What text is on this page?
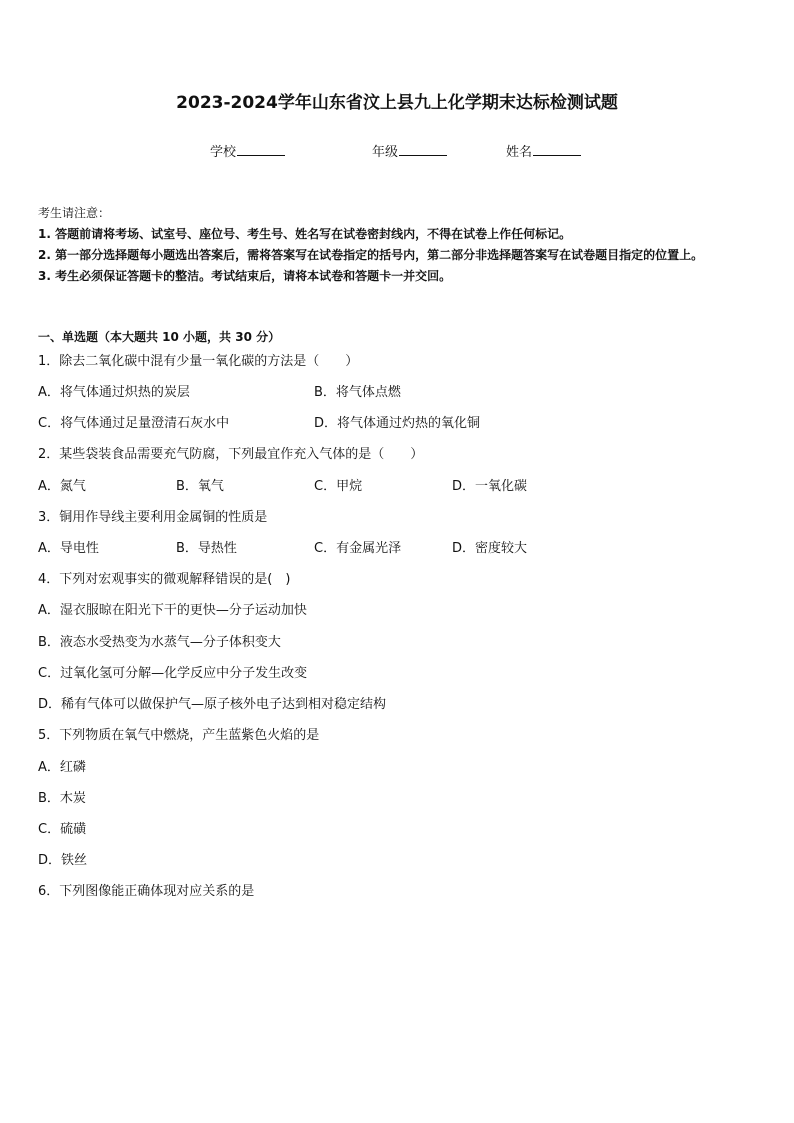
2023-2024学年山东省汶上县九上化学期末达标检测试题
学校	年级	姓名
考生请注意：
1. 答题前请将考场、试室号、座位号、考生号、姓名写在试卷密封线内，不得在试卷上作任何标记。
2. 第一部分选择题每小题选出答案后，需将答案写在试卷指定的括号内，第二部分非选择题答案写在试卷题目指定的位置上。
3. 考生必须保证答题卡的整洁。考试结束后，请将本试卷和答题卡一并交回。
一、单选题（本大题共 10 小题，共 30 分）
1．除去二氧化碳中混有少量一氧化碳的方法是（　　）
A．将气体通过炽热的炭层	B．将气体点燃
C．将气体通过足量澄清石灰水中	D．将气体通过灼热的氧化铜
2．某些袋装食品需要充气防腐，下列最宜作充入气体的是（　　）
A．氮气	B．氧气	C．甲烷	D．一氧化碳
3．铜用作导线主要利用金属铜的性质是
A．导电性	B．导热性	C．有金属光泽	D．密度较大
4．下列对宏观事实的微观解释错误的是(　)
A．湿衣服晾在阳光下干的更快—分子运动加快
B．液态水受热变为水蒸气—分子体积变大
C．过氧化氢可分解—化学反应中分子发生改变
D．稀有气体可以做保护气—原子核外电子达到相对稳定结构
5．下列物质在氧气中燃烧，产生蓝紫色火焰的是
A．红磷
B．木炭
C．硫磺
D．铁丝
6．下列图像能正确体现对应关系的是
